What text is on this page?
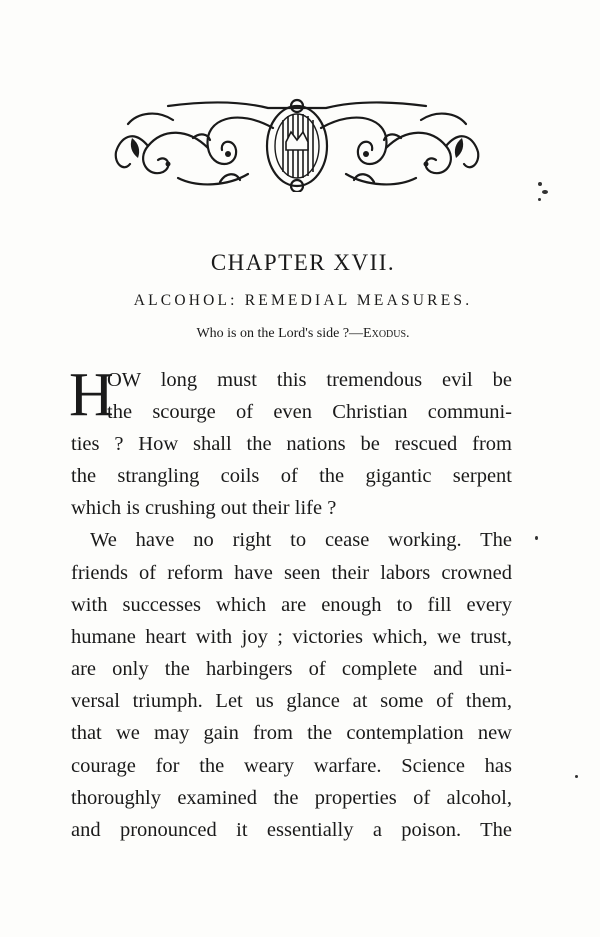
CHAPTER XVII.
ALCOHOL: REMEDIAL MEASURES.
Who is on the Lord's side ?—Exodus.
H
OW long must this tremendous evil be
the scourge of even Christian communi-
ties ? How shall the nations be rescued from
the strangling coils of the gigantic serpent
which is crushing out their life ?
We have no right to cease working. The
friends of reform have seen their labors crowned
with successes which are enough to fill every
humane heart with joy ; victories which, we trust,
are only the harbingers of complete and uni-
versal triumph. Let us glance at some of them,
that we may gain from the contemplation new
courage for the weary warfare. Science has
thoroughly examined the properties of alcohol,
and pronounced it essentially a poison. The
